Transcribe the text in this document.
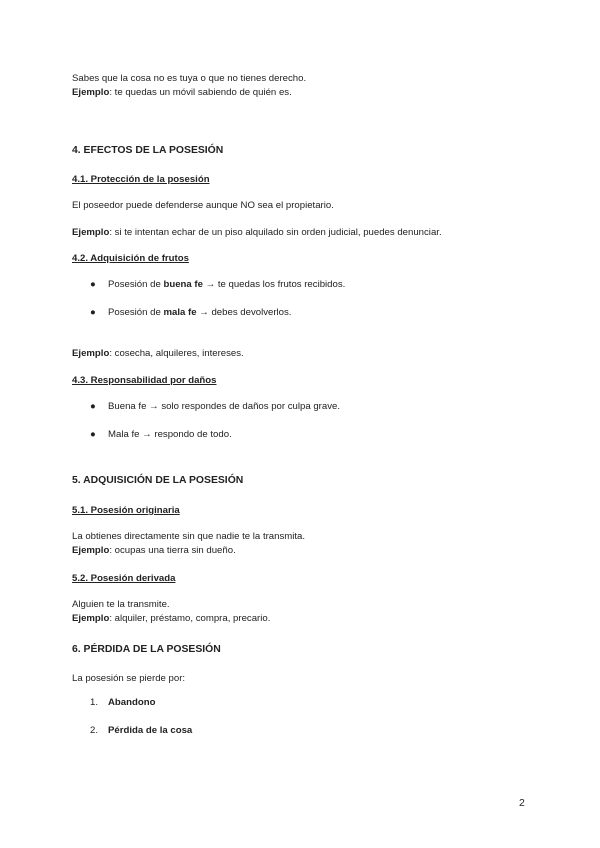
Sabes que la cosa no es tuya o que no tienes derecho.

Ejemplo: te quedas un móvil sabiendo de quién es.

4. EFECTOS DE LA POSESIÓN
4.1. Protección de la posesión

El poseedor puede defenderse aunque NO sea el propietario.

Ejemplo: si te intentan echar de un piso alquilado sin orden judicial, puedes denunciar.

4.2. Adquisición de frutos
● Posesión de buena fe → te quedas los frutos recibidos.
● Posesión de mala fe → debes devolverlos.

Ejemplo: cosecha, alquileres, intereses.

4.3. Responsabilidad por daños
● Buena fe → solo respondes de daños por culpa grave.
● Mala fe → respondo de todo.
5. ADQUISICIÓN DE LA POSESIÓN
5.1. Posesión originaria

La obtienes directamente sin que nadie te la transmita.

Ejemplo: ocupas una tierra sin dueño.

5.2. Posesión derivada

Alguien te la transmite.

Ejemplo: alquiler, préstamo, compra, precario.

6. PÉRDIDA DE LA POSESIÓN

La posesión se pierde por:

1. Abandono
2. Pérdida de la cosa
2
